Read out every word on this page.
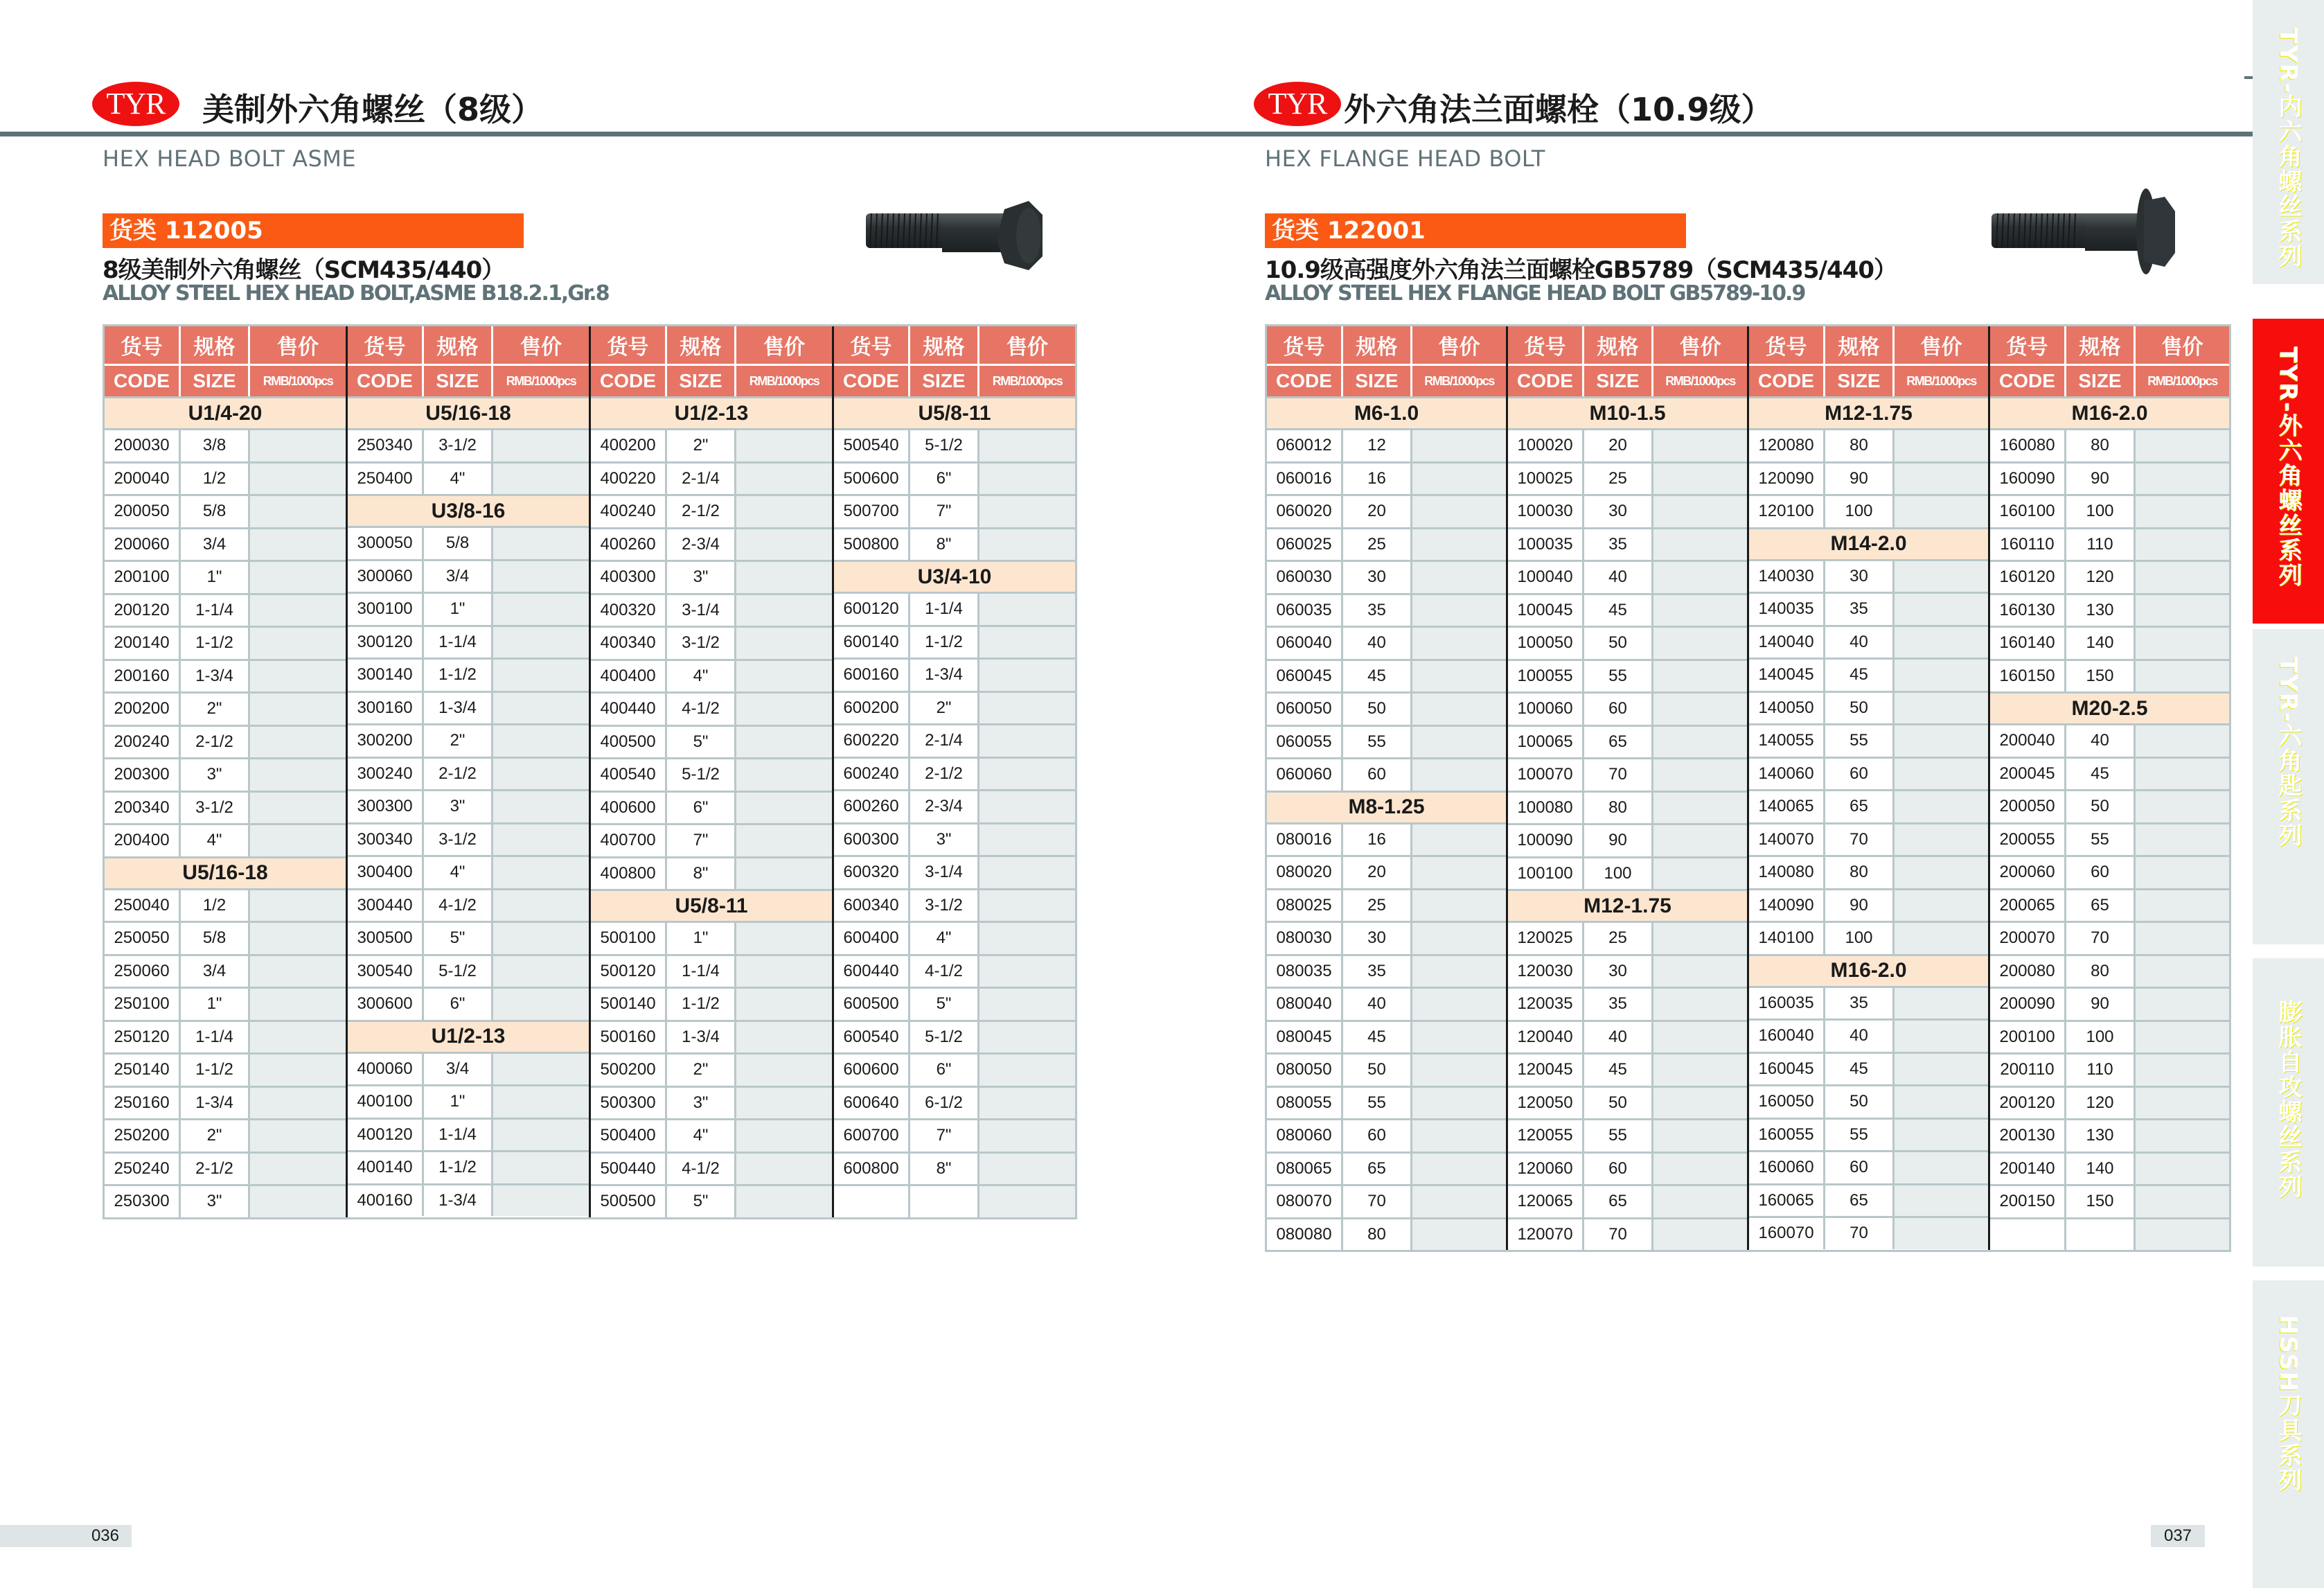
TYR	美制外六角螺丝（8级）
HEX HEAD BOLT ASME
货类 112005
8级美制外六角螺丝（SCM435/440）
ALLOY STEEL HEX HEAD BOLT,ASME B18.2.1,Gr.8
货号	规格	售价
CODE	SIZE	RMB/1000pcs
U1/4-20
200030	3/8
200040	1/2
200050	5/8
200060	3/4
200100	1"
200120	1-1/4
200140	1-1/2
200160	1-3/4
200200	2"
200240	2-1/2
200300	3"
200340	3-1/2
200400	4"
U5/16-18
250040	1/2
250050	5/8
250060	3/4
250100	1"
250120	1-1/4
250140	1-1/2
250160	1-3/4
250200	2"
250240	2-1/2
250300	3"
货号	规格	售价
CODE	SIZE	RMB/1000pcs
U5/16-18
250340	3-1/2
250400	4"
U3/8-16
300050	5/8
300060	3/4
300100	1"
300120	1-1/4
300140	1-1/2
300160	1-3/4
300200	2"
300240	2-1/2
300300	3"
300340	3-1/2
300400	4"
300440	4-1/2
300500	5"
300540	5-1/2
300600	6"
U1/2-13
400060	3/4
400100	1"
400120	1-1/4
400140	1-1/2
400160	1-3/4
货号	规格	售价
CODE	SIZE	RMB/1000pcs
U1/2-13
400200	2"
400220	2-1/4
400240	2-1/2
400260	2-3/4
400300	3"
400320	3-1/4
400340	3-1/2
400400	4"
400440	4-1/2
400500	5"
400540	5-1/2
400600	6"
400700	7"
400800	8"
U5/8-11
500100	1"
500120	1-1/4
500140	1-1/2
500160	1-3/4
500200	2"
500300	3"
500400	4"
500440	4-1/2
500500	5"
货号	规格	售价
CODE	SIZE	RMB/1000pcs
U5/8-11
500540	5-1/2
500600	6"
500700	7"
500800	8"
U3/4-10
600120	1-1/4
600140	1-1/2
600160	1-3/4
600200	2"
600220	2-1/4
600240	2-1/2
600260	2-3/4
600300	3"
600320	3-1/4
600340	3-1/2
600400	4"
600440	4-1/2
600500	5"
600540	5-1/2
600600	6"
600640	6-1/2
600700	7"
600800	8"
036
TYR 外六角法兰面螺栓（10.9级）
HEX FLANGE HEAD BOLT
货类 122001
10.9级高强度外六角法兰面螺栓GB5789（SCM435/440）
ALLOY STEEL HEX FLANGE HEAD BOLT GB5789-10.9
货号	规格	售价
CODE	SIZE	RMB/1000pcs
M6-1.0
060012	12
060016	16
060020	20
060025	25
060030	30
060035	35
060040	40
060045	45
060050	50
060055	55
060060	60
M8-1.25
080016	16
080020	20
080025	25
080030	30
080035	35
080040	40
080045	45
080050	50
080055	55
080060	60
080065	65
080070	70
080080	80
货号	规格	售价
CODE	SIZE	RMB/1000pcs
M10-1.5
100020	20
100025	25
100030	30
100035	35
100040	40
100045	45
100050	50
100055	55
100060	60
100065	65
100070	70
100080	80
100090	90
100100	100
M12-1.75
120025	25
120030	30
120035	35
120040	40
120045	45
120050	50
120055	55
120060	60
120065	65
120070	70
货号	规格	售价
CODE	SIZE	RMB/1000pcs
M12-1.75
120080	80
120090	90
120100	100
M14-2.0
140030	30
140035	35
140040	40
140045	45
140050	50
140055	55
140060	60
140065	65
140070	70
140080	80
140090	90
140100	100
M16-2.0
160035	35
160040	40
160045	45
160050	50
160055	55
160060	60
160065	65
160070	70
货号	规格	售价
CODE	SIZE	RMB/1000pcs
M16-2.0
160080	80
160090	90
160100	100
160110	110
160120	120
160130	130
160140	140
160150	150
M20-2.5
200040	40
200045	45
200050	50
200055	55
200060	60
200065	65
200070	70
200080	80
200090	90
200100	100
200110	110
200120	120
200130	130
200140	140
200150	150
037
TYR-内六角螺丝系列
TYR-外六角螺丝系列
TYR-六角匙系列
膨胀自攻螺丝系列
HSSH刀具系列
